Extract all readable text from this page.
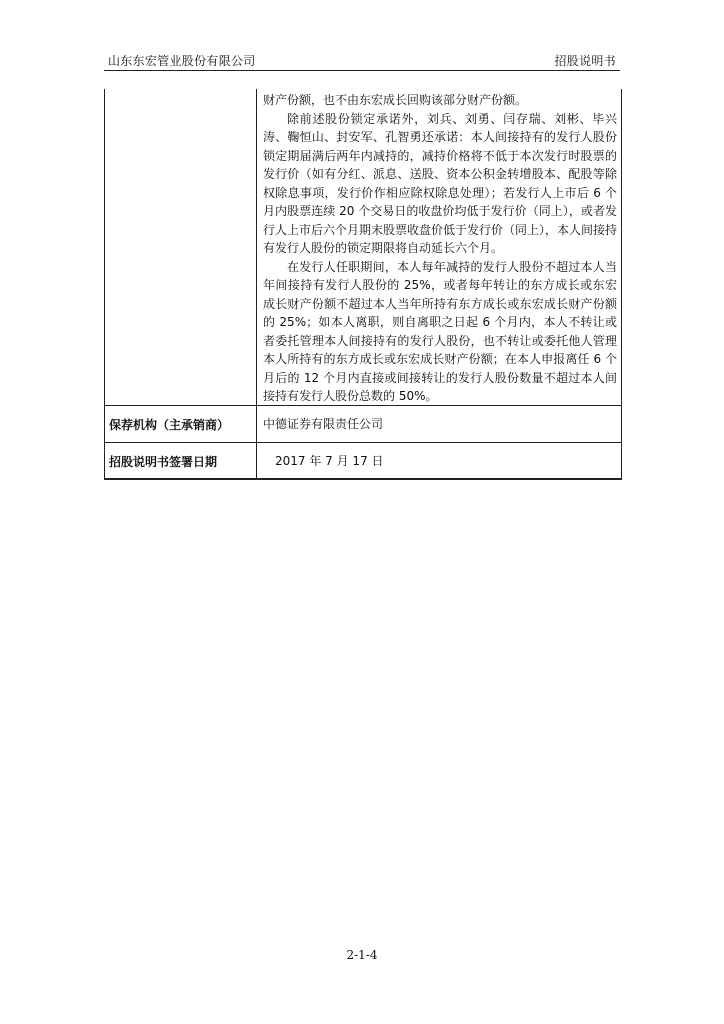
山东东宏管业股份有限公司	招股说明书

财产份额，也不由东宏成长回购该部分财产份额。

除前述股份锁定承诺外，刘兵、刘勇、闫存瑞、刘彬、毕兴涛、鞠恒山、封安军、孔智勇还承诺：本人间接持有的发行人股份锁定期届满后两年内减持的，减持价格将不低于本次发行时股票的发行价（如有分红、派息、送股、资本公积金转增股本、配股等除权除息事项，发行价作相应除权除息处理）；若发行人上市后 6 个月内股票连续 20 个交易日的收盘价均低于发行价（同上），或者发行人上市后六个月期末股票收盘价低于发行价（同上），本人间接持有发行人股份的锁定期限将自动延长六个月。

在发行人任职期间，本人每年减持的发行人股份不超过本人当年间接持有发行人股份的 25%，或者每年转让的东方成长或东宏成长财产份额不超过本人当年所持有东方成长或东宏成长财产份额的 25%；如本人离职，则自离职之日起 6 个月内，本人不转让或者委托管理本人间接持有的发行人股份，也不转让或委托他人管理本人所持有的东方成长或东宏成长财产份额；在本人申报离任 6 个月后的 12 个月内直接或间接转让的发行人股份数量不超过本人间接持有发行人股份总数的 50%。

保荐机构（主承销商）	中德证券有限责任公司
招股说明书签署日期	2017 年 7 月 17 日
2-1-4
